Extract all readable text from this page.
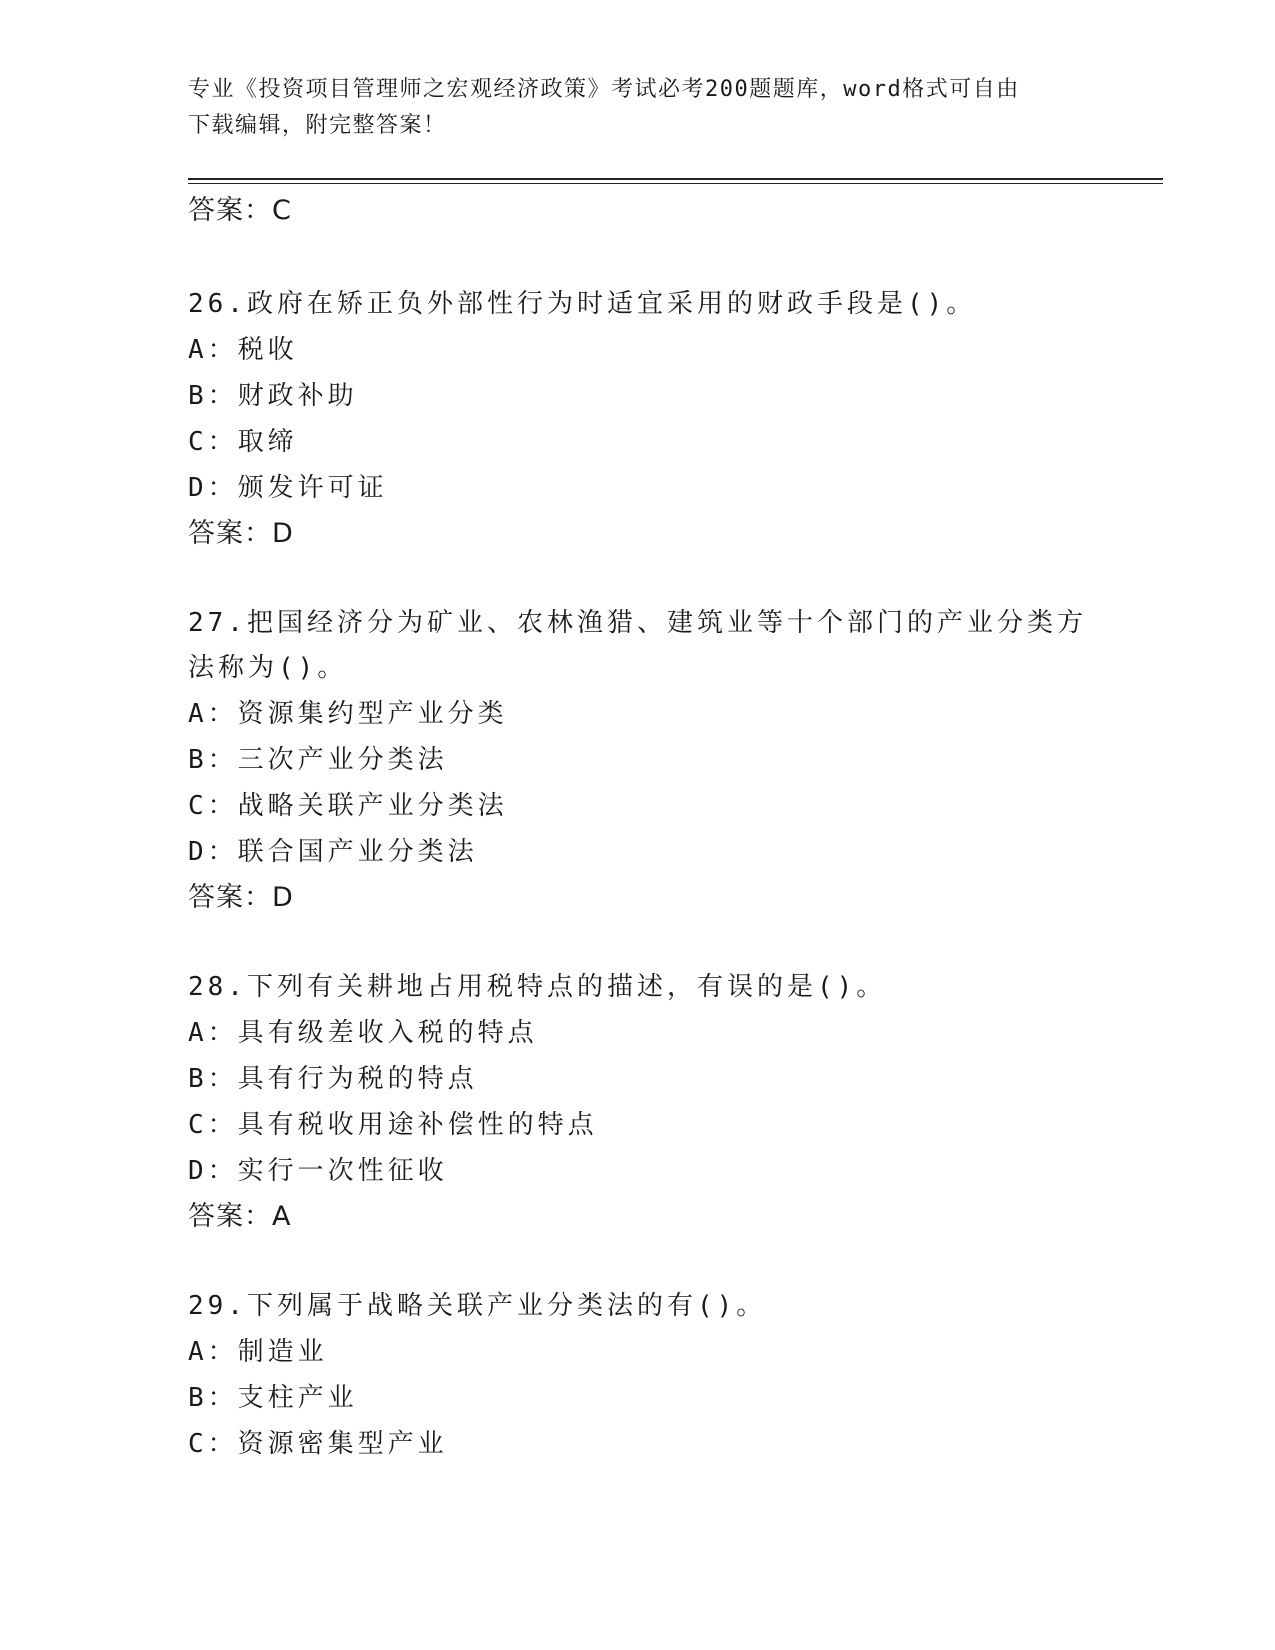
专业《投资项目管理师之宏观经济政策》考试必考200题题库，word格式可自由
下载编辑，附完整答案！
答案：C
26.政府在矫正负外部性行为时适宜采用的财政手段是()。
A：税收
B：财政补助
C：取缔
D：颁发许可证
答案：D
27.把国经济分为矿业、农林渔猎、建筑业等十个部门的产业分类方法称为()。
A：资源集约型产业分类
B：三次产业分类法
C：战略关联产业分类法
D：联合国产业分类法
答案：D
28.下列有关耕地占用税特点的描述，有误的是()。
A：具有级差收入税的特点
B：具有行为税的特点
C：具有税收用途补偿性的特点
D：实行一次性征收
答案：A
29.下列属于战略关联产业分类法的有()。
A：制造业
B：支柱产业
C：资源密集型产业
